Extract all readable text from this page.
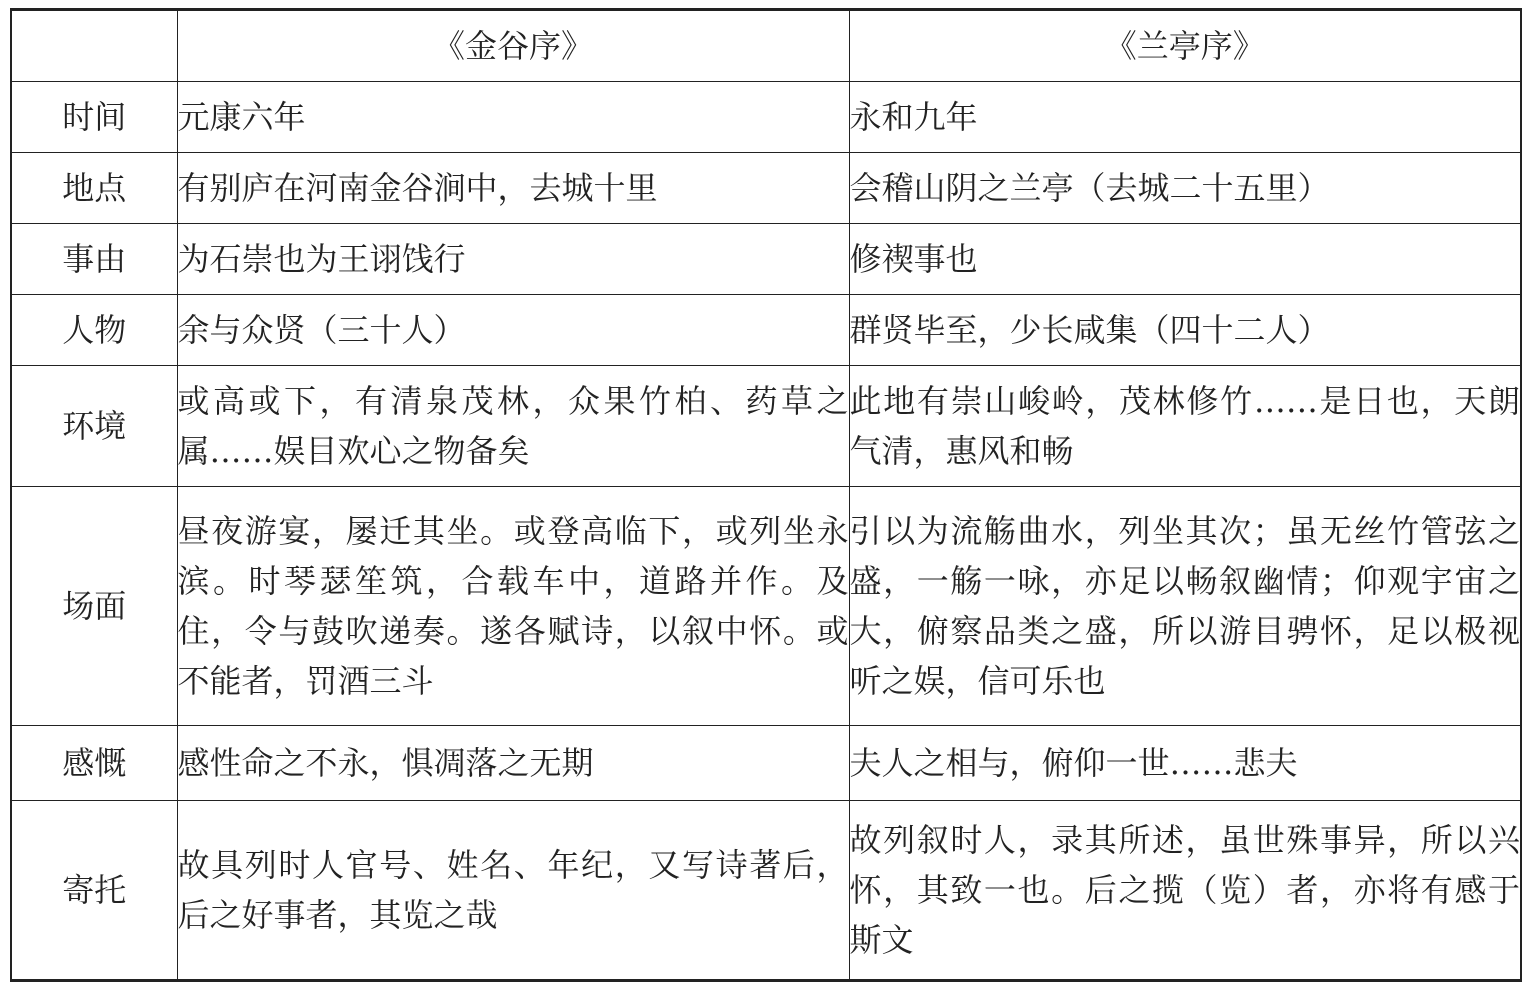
	《金谷序》	《兰亭序》
时间	元康六年	永和九年
地点	有别庐在河南金谷涧中，去城十里	会稽山阴之兰亭（去城二十五里）
事由	为石崇也为王诩饯行	修禊事也
人物	余与众贤（三十人）	群贤毕至，少长咸集（四十二人）
环境	或高或下，有清泉茂林，众果竹柏、药草之属……娱目欢心之物备矣	此地有崇山峻岭，茂林修竹……是日也，天朗气清，惠风和畅
场面	昼夜游宴，屡迁其坐。或登高临下，或列坐永滨。时琴瑟笙筑，合载车中，道路并作。及住，令与鼓吹递奏。遂各赋诗，以叙中怀。或不能者，罚酒三斗	引以为流觞曲水，列坐其次；虽无丝竹管弦之盛，一觞一咏，亦足以畅叙幽情；仰观宇宙之大，俯察品类之盛，所以游目骋怀，足以极视听之娱，信可乐也
感慨	感性命之不永，惧凋落之无期	夫人之相与，俯仰一世……悲夫
寄托	故具列时人官号、姓名、年纪，又写诗著后，后之好事者，其览之哉	故列叙时人，录其所述，虽世殊事异，所以兴怀，其致一也。后之揽（览）者，亦将有感于斯文
